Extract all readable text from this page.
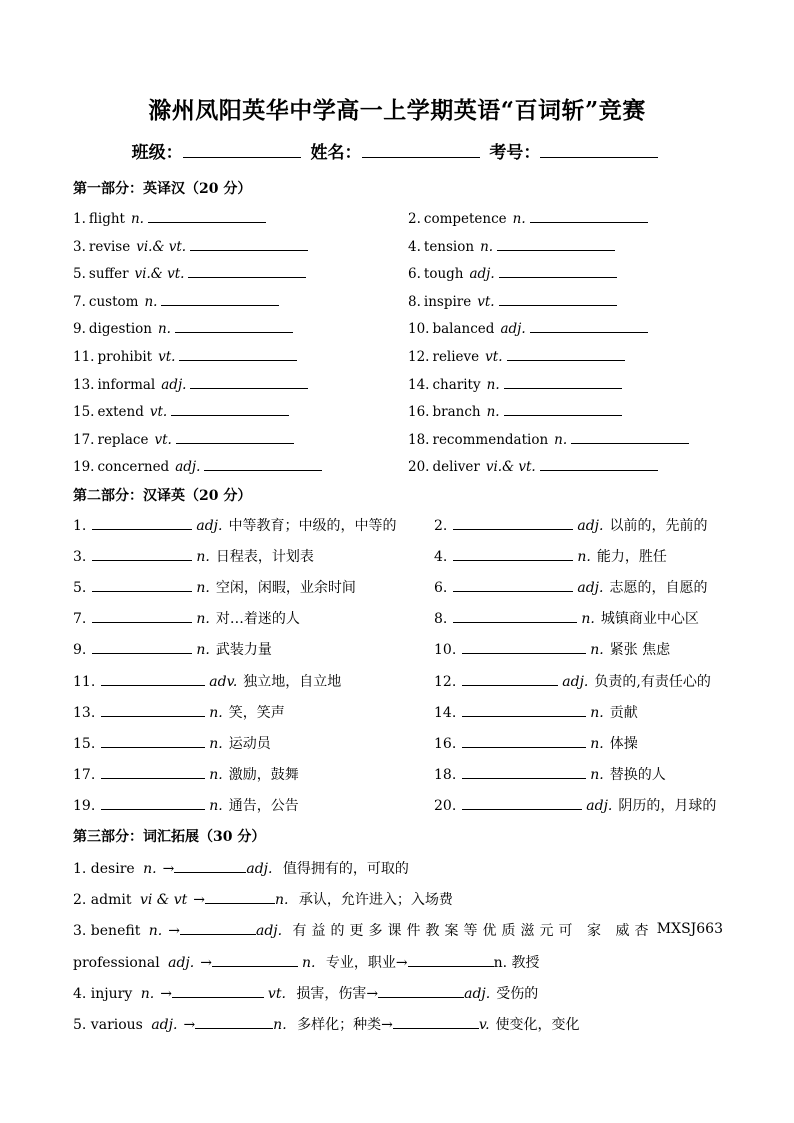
滁州凤阳英华中学高一上学期英语“百词斩”竞赛
班级：	姓名：	考号：
第一部分：英译汉（20 分）
1. flight n.	2. competence n.
3. revise vi.& vt.	4. tension n.
5. suffer vi.& vt.	6. tough adj.
7. custom n.	8. inspire vt.
9. digestion n.	10. balanced adj.
11. prohibit vt.	12. relieve vt.
13. informal adj.	14. charity n.
15. extend vt.	16. branch n.
17. replace vt.	18. recommendation n.
19. concerned adj.	20. deliver vi.& vt.
第二部分：汉译英（20 分）
1.	adj. 中等教育；中级的，中等的	2.	adj. 以前的，先前的
3.	n. 日程表，计划表	4.	n. 能力，胜任
5.	n. 空闲，闲暇，业余时间	6.	adj. 志愿的，自愿的
7.	n. 对…着迷的人	8.	n. 城镇商业中心区
9.	n. 武装力量	10.	n. 紧张 焦虑
11.	adv. 独立地，自立地	12.	adj. 负责的,有责任心的
13.	n. 笑，笑声	14.	n. 贡献
15.	n. 运动员	16.	n. 体操
17.	n. 激励，鼓舞	18.	n. 替换的人
19.	n. 通告，公告	20.	adj. 阴历的，月球的
第三部分：词汇拓展（30 分）
1. desire n. →	adj. 值得拥有的，可取的
2. admit vi & vt →	n. 承认，允许进入；入场费
3. benefit n. →	adj. 有益的更多课件教案等优质滋元可 家 威杏 MXSJ663
professional adj. →	n. 专业，职业→	n. 教授
4. injury n. →	vt. 损害，伤害→	adj. 受伤的
5. various adj. →	n. 多样化；种类→	v. 使变化，变化
